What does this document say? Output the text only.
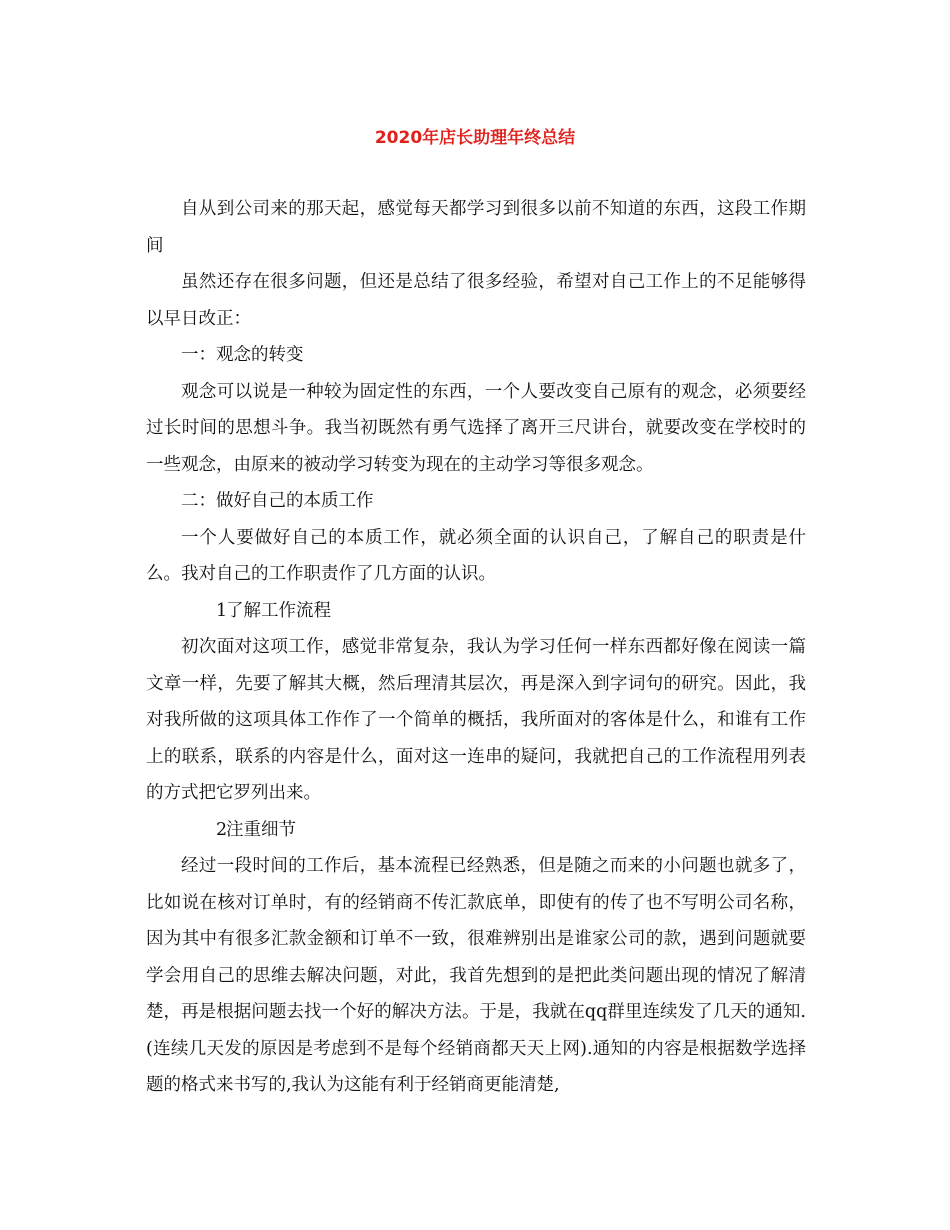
2020年店长助理年终总结

自从到公司来的那天起，感觉每天都学习到很多以前不知道的东西，这段工作期间

虽然还存在很多问题，但还是总结了很多经验，希望对自己工作上的不足能够得以早日改正：

一：观念的转变

观念可以说是一种较为固定性的东西，一个人要改变自己原有的观念，必须要经过长时间的思想斗争。我当初既然有勇气选择了离开三尺讲台，就要改变在学校时的一些观念，由原来的被动学习转变为现在的主动学习等很多观念。

二：做好自己的本质工作

一个人要做好自己的本质工作，就必须全面的认识自己，了解自己的职责是什么。我对自己的工作职责作了几方面的认识。

1了解工作流程

初次面对这项工作，感觉非常复杂，我认为学习任何一样东西都好像在阅读一篇文章一样，先要了解其大概，然后理清其层次，再是深入到字词句的研究。因此，我对我所做的这项具体工作作了一个简单的概括，我所面对的客体是什么，和谁有工作上的联系，联系的内容是什么，面对这一连串的疑问，我就把自己的工作流程用列表的方式把它罗列出来。

2注重细节

经过一段时间的工作后，基本流程已经熟悉，但是随之而来的小问题也就多了，比如说在核对订单时，有的经销商不传汇款底单，即使有的传了也不写明公司名称，因为其中有很多汇款金额和订单不一致，很难辨别出是谁家公司的款，遇到问题就要学会用自己的思维去解决问题，对此，我首先想到的是把此类问题出现的情况了解清楚，再是根据问题去找一个好的解决方法。于是，我就在qq群里连续发了几天的通知.(连续几天发的原因是考虑到不是每个经销商都天天上网).通知的内容是根据数学选择题的格式来书写的,我认为这能有利于经销商更能清楚,
